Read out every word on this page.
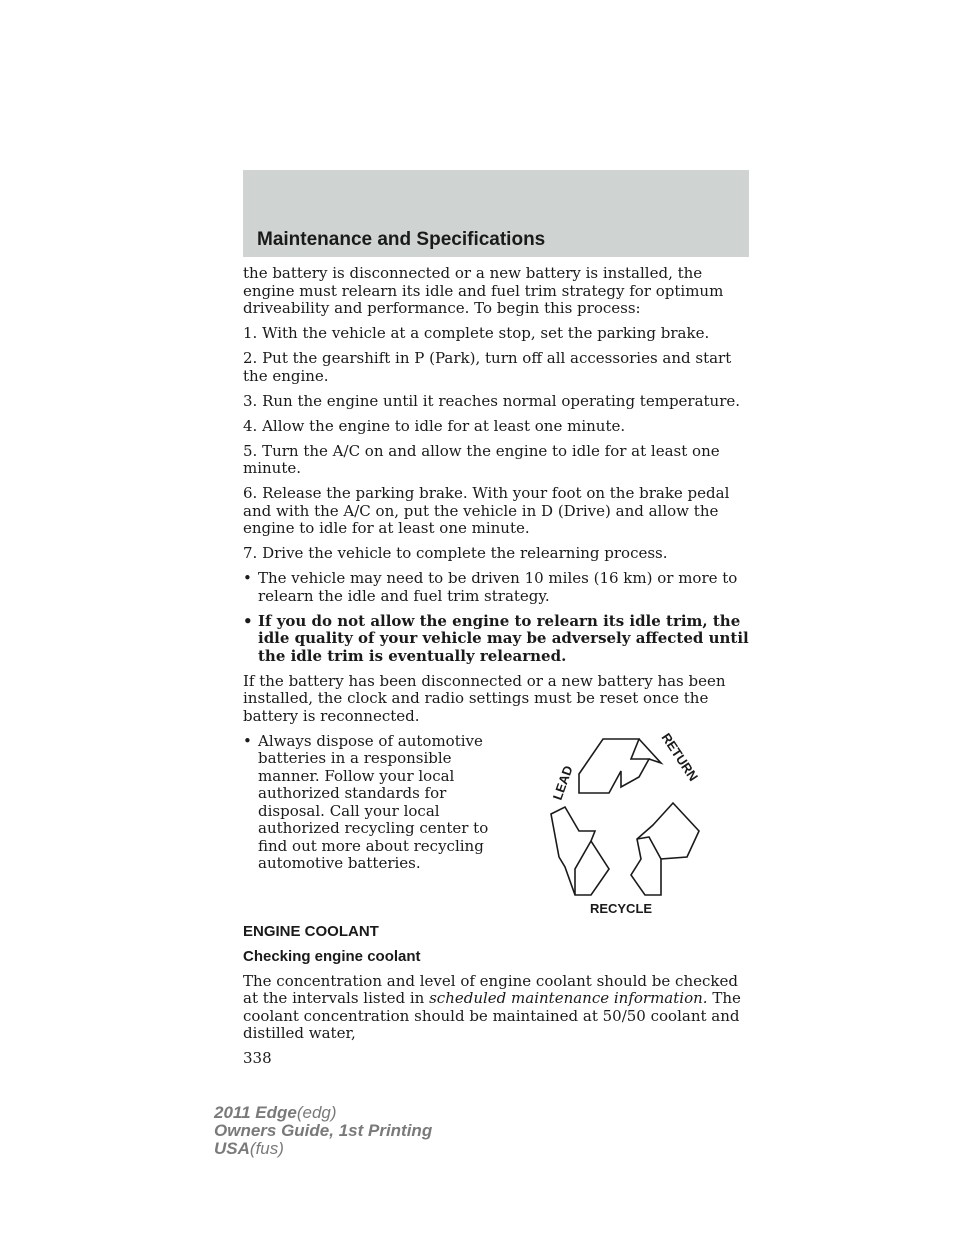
Maintenance and Specifications

the battery is disconnected or a new battery is installed, the engine must relearn its idle and fuel trim strategy for optimum driveability and performance. To begin this process:

1. With the vehicle at a complete stop, set the parking brake.

2. Put the gearshift in P (Park), turn off all accessories and start the engine.

3. Run the engine until it reaches normal operating temperature.

4. Allow the engine to idle for at least one minute.

5. Turn the A/C on and allow the engine to idle for at least one minute.

6. Release the parking brake. With your foot on the brake pedal and with the A/C on, put the vehicle in D (Drive) and allow the engine to idle for at least one minute.

7. Drive the vehicle to complete the relearning process.

• The vehicle may need to be driven 10 miles (16 km) or more to relearn the idle and fuel trim strategy.
• If you do not allow the engine to relearn its idle trim, the idle quality of your vehicle may be adversely affected until the idle trim is eventually relearned.

If the battery has been disconnected or a new battery has been installed, the clock and radio settings must be reset once the battery is reconnected.

• Always dispose of automotive batteries in a responsible manner. Follow your local authorized standards for disposal. Call your local authorized recycling center to find out more about recycling automotive batteries.
LEAD
RETURN
RECYCLE
ENGINE COOLANT
Checking engine coolant

The concentration and level of engine coolant should be checked at the intervals listed in scheduled maintenance information. The coolant concentration should be maintained at 50/50 coolant and distilled water,

338

2011 Edge(edg)
Owners Guide, 1st Printing
USA(fus)
